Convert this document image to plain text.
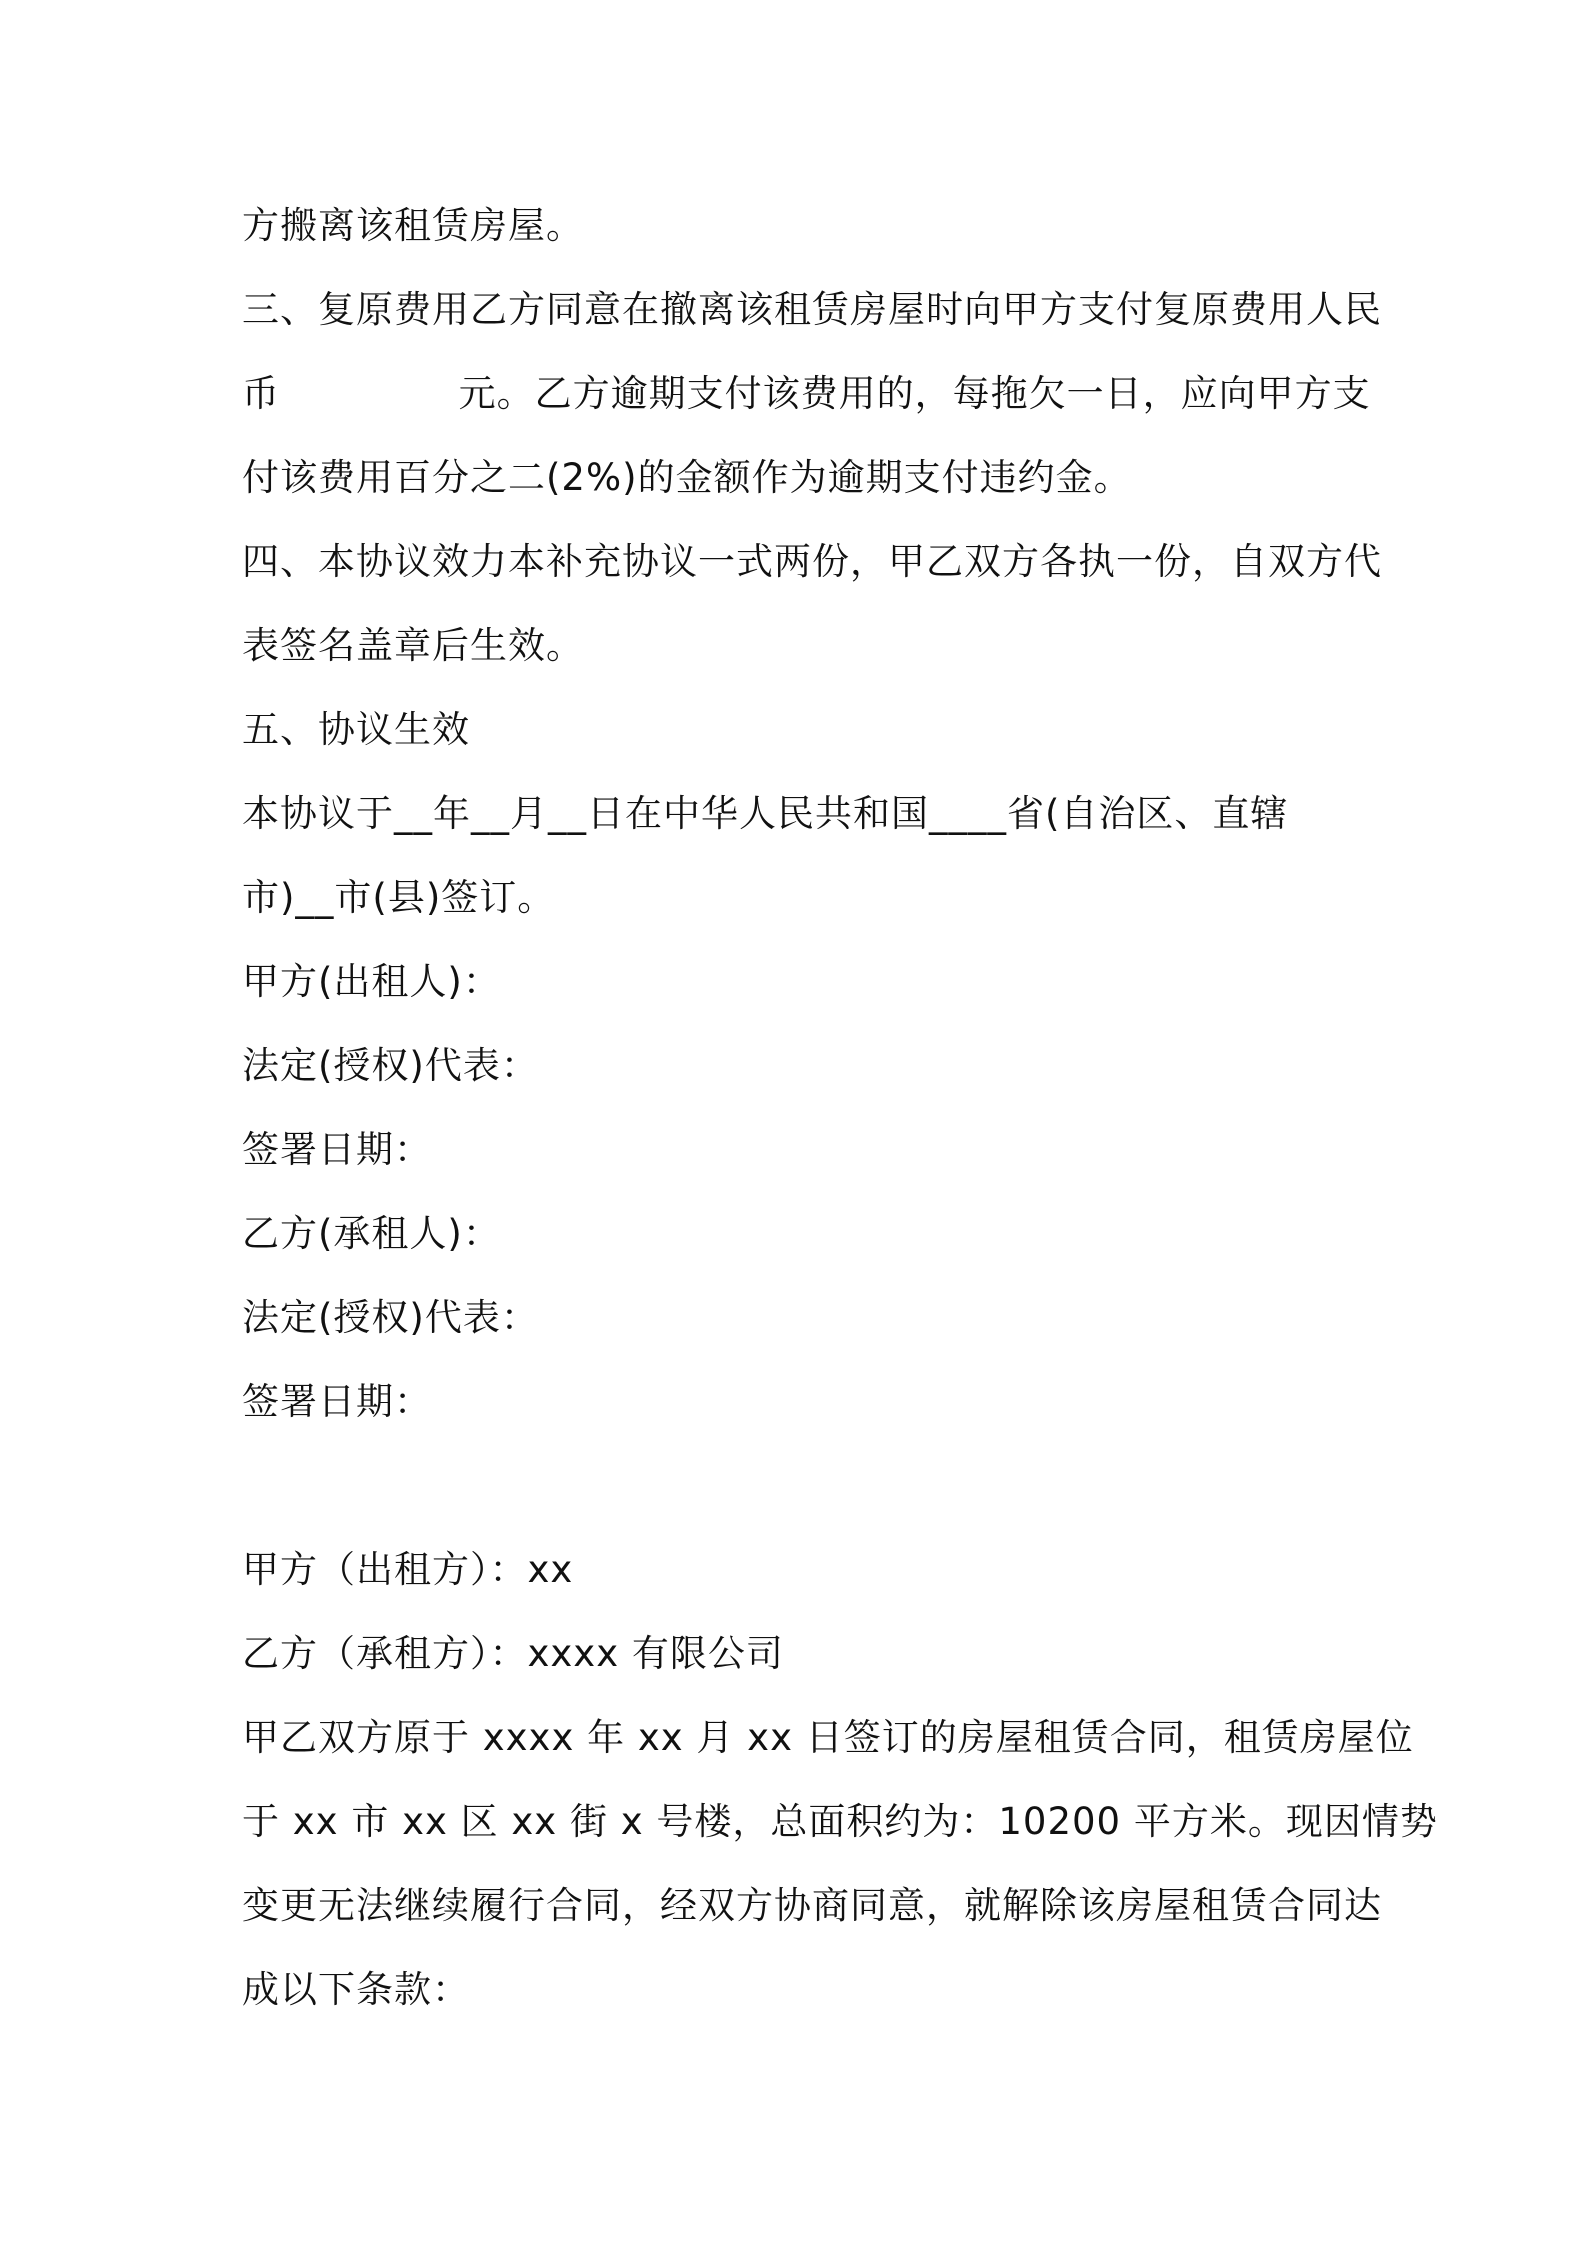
方搬离该租赁房屋。

三、复原费用乙方同意在撤离该租赁房屋时向甲方支付复原费用人民

币              元。乙方逾期支付该费用的，每拖欠一日，应向甲方支

付该费用百分之二(2%)的金额作为逾期支付违约金。

四、本协议效力本补充协议一式两份，甲乙双方各执一份，自双方代

表签名盖章后生效。

五、协议生效

本协议于__年__月__日在中华人民共和国____省(自治区、直辖

市)__市(县)签订。

甲方(出租人)：

法定(授权)代表：

签署日期：

乙方(承租人)：

法定(授权)代表：

签署日期：

甲方（出租方）：xx

乙方（承租方）：xxxx 有限公司

甲乙双方原于 xxxx 年 xx 月 xx 日签订的房屋租赁合同，租赁房屋位

于 xx 市 xx 区 xx 街 x 号楼，总面积约为：10200 平方米。现因情势

变更无法继续履行合同，经双方协商同意，就解除该房屋租赁合同达

成以下条款：
